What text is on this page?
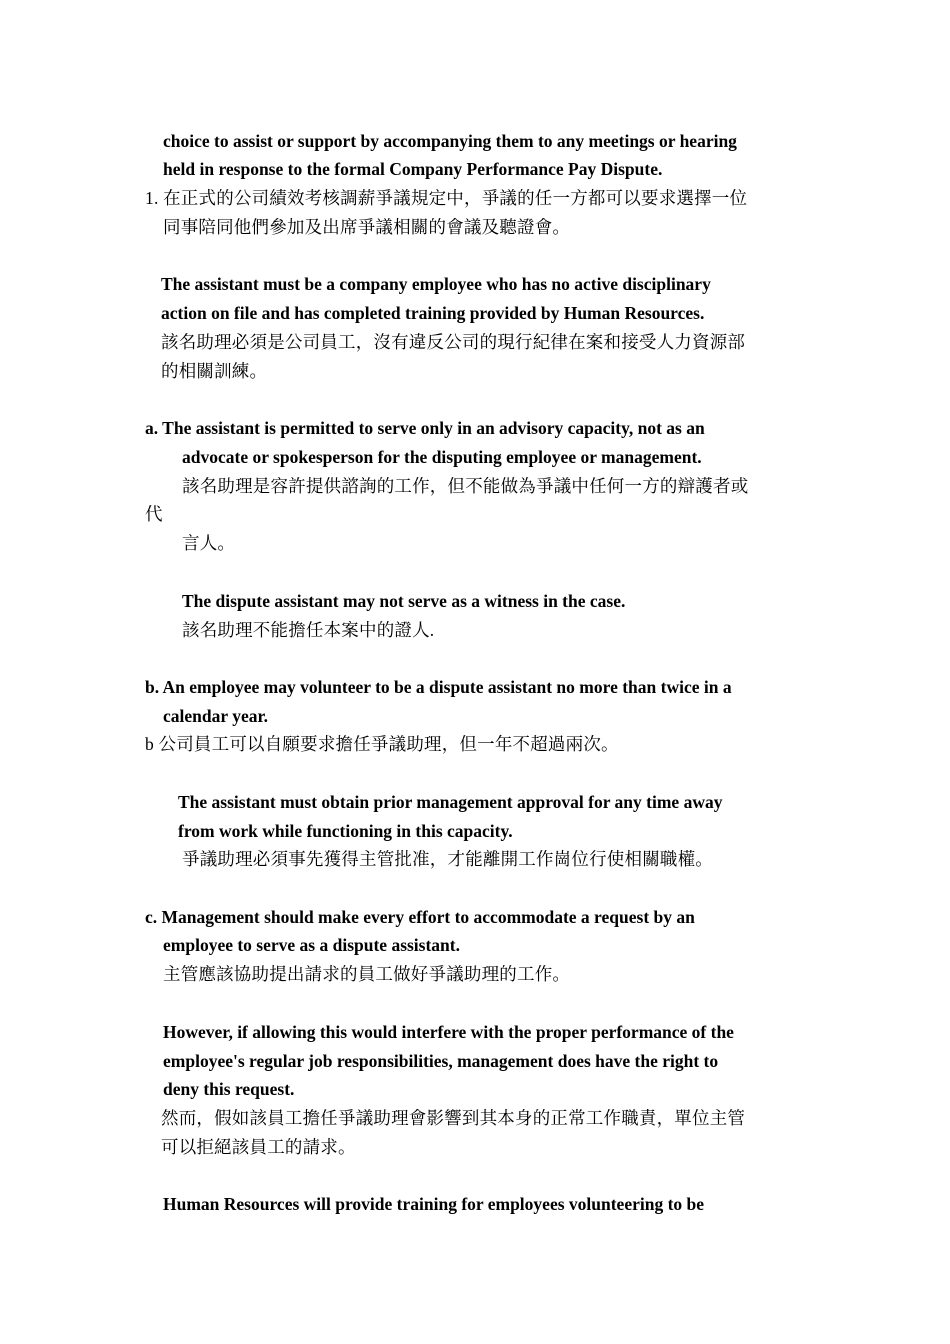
choice to assist or support by accompanying them to any meetings or hearing
held in response to the formal Company Performance Pay Dispute.
1. 在正式的公司績效考核調薪爭議規定中，爭議的任一方都可以要求選擇一位
同事陪同他們參加及出席爭議相關的會議及聽證會。
The assistant must be a company employee who has no active disciplinary
action on file and has completed training provided by Human Resources.
該名助理必須是公司員工，沒有違反公司的現行紀律在案和接受人力資源部
的相關訓練。
a. The assistant is permitted to serve only in an advisory capacity, not as an
advocate or spokesperson for the disputing employee or management.
該名助理是容許提供諮詢的工作，但不能做為爭議中任何一方的辯護者或
代
言人。
The dispute assistant may not serve as a witness in the case.
該名助理不能擔任本案中的證人.
b. An employee may volunteer to be a dispute assistant no more than twice in a
calendar year.
b 公司員工可以自願要求擔任爭議助理，但一年不超過兩次。
The assistant must obtain prior management approval for any time away
from work while functioning in this capacity.
爭議助理必須事先獲得主管批准，才能離開工作崗位行使相關職權。
c. Management should make every effort to accommodate a request by an
employee to serve as a dispute assistant.
主管應該協助提出請求的員工做好爭議助理的工作。
However, if allowing this would interfere with the proper performance of the
employee's regular job responsibilities, management does have the right to
deny this request.
然而，假如該員工擔任爭議助理會影響到其本身的正常工作職責，單位主管
可以拒絕該員工的請求。
Human Resources will provide training for employees volunteering to be
